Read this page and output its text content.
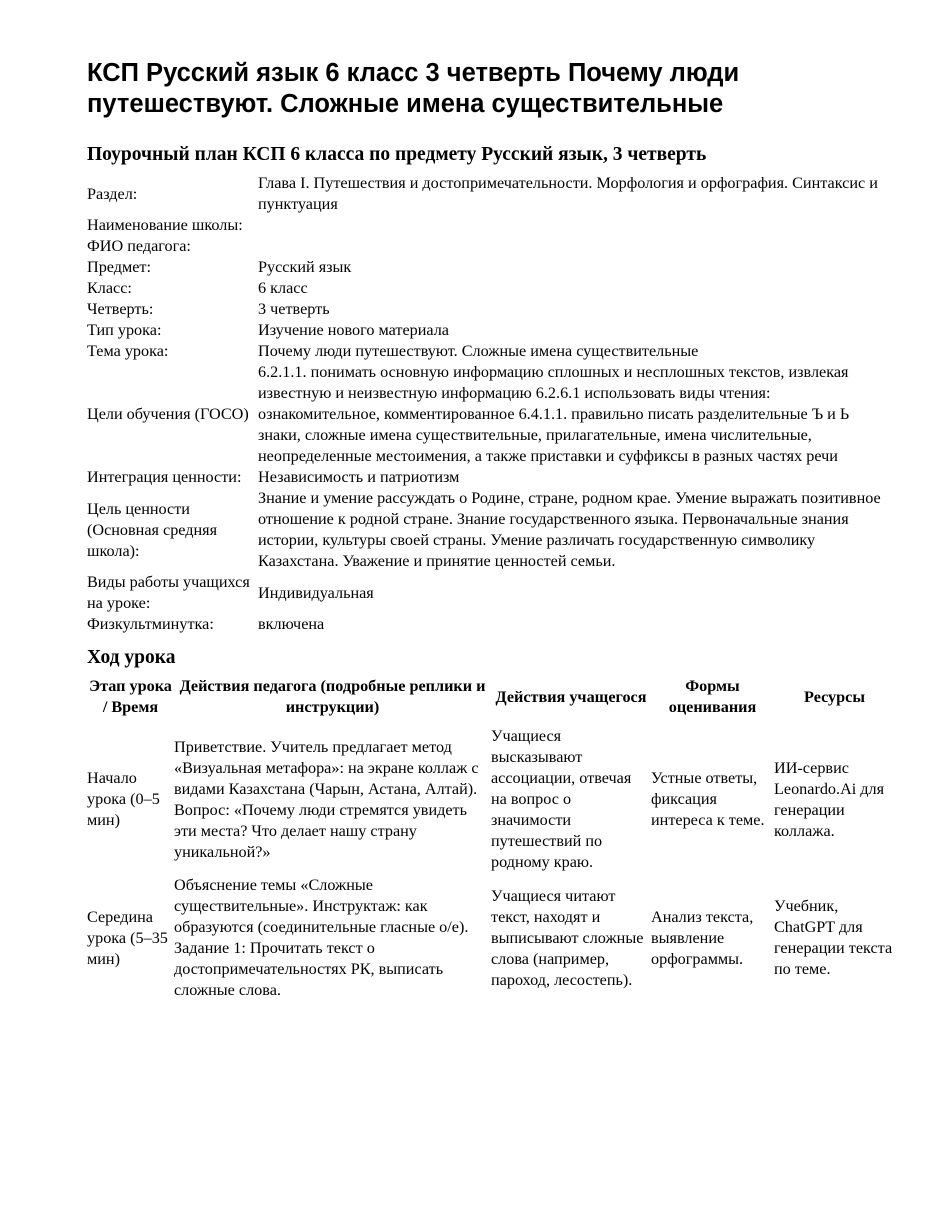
КСП Русский язык 6 класс 3 четверть Почему люди путешествуют. Сложные имена существительные
Поурочный план КСП 6 класса по предмету Русский язык, 3 четверть
Раздел:	Глава I. Путешествия и достопримечательности. Морфология и орфография. Синтаксис и пунктуация
Наименование школы:	
ФИО педагога:	
Предмет:	Русский язык
Класс:	6 класс
Четверть:	3 четверть
Тип урока:	Изучение нового материала
Тема урока:	Почему люди путешествуют. Сложные имена существительные
Цели обучения (ГОСО)	6.2.1.1. понимать основную информацию сплошных и несплошных текстов, извлекая известную и неизвестную информацию 6.2.6.1 использовать виды чтения: ознакомительное, комментированное 6.4.1.1. правильно писать разделительные Ъ и Ь знаки, сложные имена существительные, прилагательные, имена числительные, неопределенные местоимения, а также приставки и суффиксы в разных частях речи
Интеграция ценности:	Независимость и патриотизм
Цель ценности (Основная средняя школа):	Знание и умение рассуждать о Родине, стране, родном крае. Умение выражать позитивное отношение к родной стране. Знание государственного языка. Первоначальные знания истории, культуры своей страны. Умение различать государственную символику Казахстана. Уважение и принятие ценностей семьи.
Виды работы учащихся на уроке:	Индивидуальная
Физкультминутка:	включена
Ход урока
Этап урока / Время	Действия педагога (подробные реплики и инструкции)	Действия учащегося	Формы оценивания	Ресурсы
Начало урока (0–5 мин)	Приветствие. Учитель предлагает метод «Визуальная метафора»: на экране коллаж с видами Казахстана (Чарын, Астана, Алтай). Вопрос: «Почему люди стремятся увидеть эти места? Что делает нашу страну уникальной?»	Учащиеся высказывают ассоциации, отвечая на вопрос о значимости путешествий по родному краю.	Устные ответы, фиксация интереса к теме.	ИИ-сервис Leonardo.Ai для генерации коллажа.
Середина урока (5–35 мин)	Объяснение темы «Сложные существительные». Инструктаж: как образуются (соединительные гласные о/е). Задание 1: Прочитать текст о достопримечательностях РК, выписать сложные слова.	Учащиеся читают текст, находят и выписывают сложные слова (например, пароход, лесостепь).	Анализ текста, выявление орфограммы.	Учебник, ChatGPT для генерации текста по теме.
